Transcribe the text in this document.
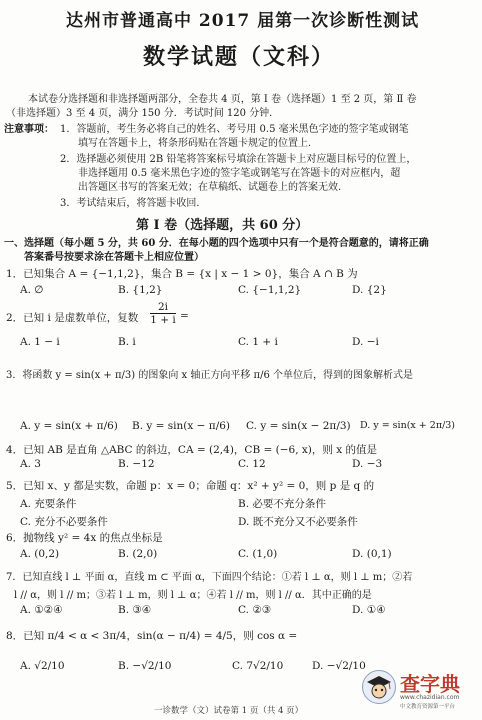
达州市普通高中 2017 届第一次诊断性测试
数学试题（文科）
本试卷分选择题和非选择题两部分，全卷共 4 页，第 Ⅰ 卷（选择题）1 至 2 页，第 Ⅱ 卷
（非选择题）3 至 4 页，满分 150 分．考试时间 120 分钟．
注意事项： 1．答题前，考生务必将自己的姓名、考号用 0.5 毫米黑色字迹的签字笔或钢笔
填写在答题卡上，将条形码贴在答题卡规定的位置上．
2．选择题必须使用 2B 铅笔将答案标号填涂在答题卡上对应题目标号的位置上，
非选择题用 0.5 毫米黑色字迹的签字笔或钢笔写在答题卡的对应框内，超
出答题区书写的答案无效；在草稿纸、试题卷上的答案无效．
3．考试结束后，将答题卡收回．
第 Ⅰ 卷（选择题，共 60 分）
一、选择题（每小题 5 分，共 60 分．在每小题的四个选项中只有一个是符合题意的，请将正确
答案番号按要求涂在答题卡上相应位置）
1．已知集合 A = {−1,1,2}，集合 B = {x | x − 1 > 0}，集合 A ∩ B 为
A. ∅	B. {1,2}	C. {−1,1,2}	D. {2}
2．已知 i 是虚数单位，复数 $\frac{2i}{1 + i}$ =
A. 1 − i	B. i	C. 1 + i	D. −i
3．将函数 y = sin(x + π/3) 的图象向 x 轴正方向平移 π/6 个单位后，得到的图象解析式是
A. y = sin(x + π/6) B. y = sin(x − π/6) C. y = sin(x − 2π/3) D. y = sin(x + 2π/3)
4．已知 AB 是直角 △ABC 的斜边，CA = (2,4)，CB = (−6, x)，则 x 的值是
A. 3	B. −12	C. 12	D. −3
5．已知 x、y 都是实数，命题 p：x = 0；命题 q：x² + y² = 0，则 p 是 q 的
A. 充要条件	B. 必要不充分条件
C. 充分不必要条件	D. 既不充分又不必要条件
6．抛物线 y² = 4x 的焦点坐标是
A. (0,2)	B. (2,0)	C. (1,0)	D. (0,1)
7．已知直线 l ⊥ 平面 α，直线 m ⊂ 平面 α，下面四个结论：①若 l ⊥ α，则 l ⊥ m；②若
l // α，则 l // m；③若 l ⊥ m，则 l ⊥ α；④若 l // m，则 l // α．其中正确的是
A. ①②④	B. ③④	C. ②③	D. ①④
8．已知 π/4 < α < 3π/4，sin(α − π/4) = 4/5，则 cos α =
A. √2/10	B. −√2/10	C. 7√2/10	D. −√2/10
一诊数学（文）试卷第 1 页（共 4 页）
查字典
www.chazidian.com
中文教育资源第一平台
